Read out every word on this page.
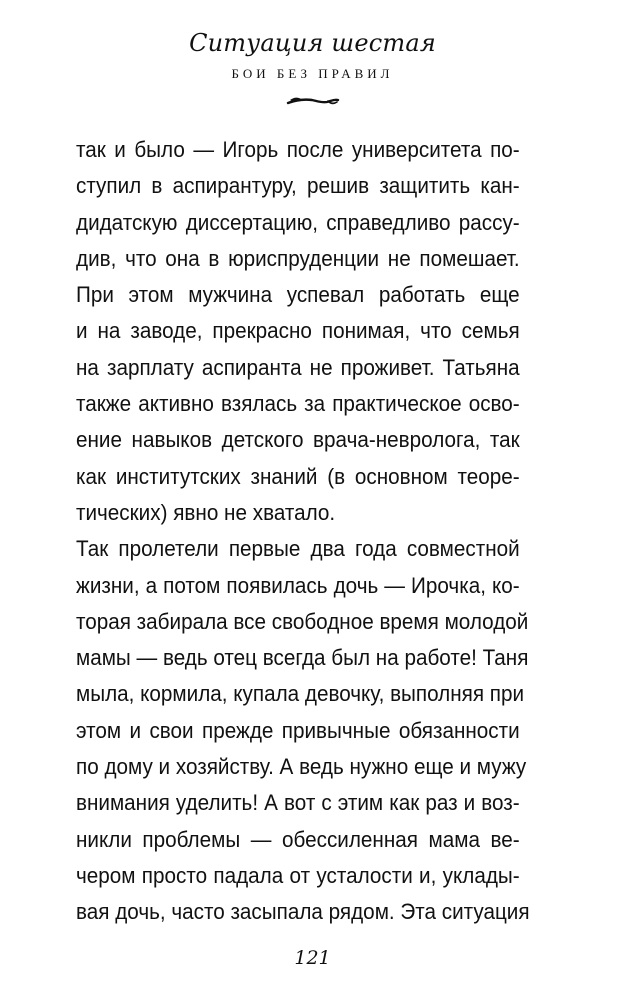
Ситуация шестая
БОИ БЕЗ ПРАВИЛ
так и было — Игорь после университета по-
ступил в аспирантуру, решив защитить кан-
дидатскую диссертацию, справедливо рассу-
див, что она в юриспруденции не помешает.
При этом мужчина успевал работать еще
и на заводе, прекрасно понимая, что семья
на зарплату аспиранта не проживет. Татьяна
также активно взялась за практическое осво-
ение навыков детского врача-невролога, так
как институтских знаний (в основном теоре-
тических) явно не хватало.
Так пролетели первые два года совместной
жизни, а потом появилась дочь — Ирочка, ко-
торая забирала все свободное время молодой
мамы — ведь отец всегда был на работе! Таня
мыла, кормила, купала девочку, выполняя при
этом и свои прежде привычные обязанности
по дому и хозяйству. А ведь нужно еще и мужу
внимания уделить! А вот с этим как раз и воз-
никли проблемы — обессиленная мама ве-
чером просто падала от усталости и, уклады-
вая дочь, часто засыпала рядом. Эта ситуация
121
